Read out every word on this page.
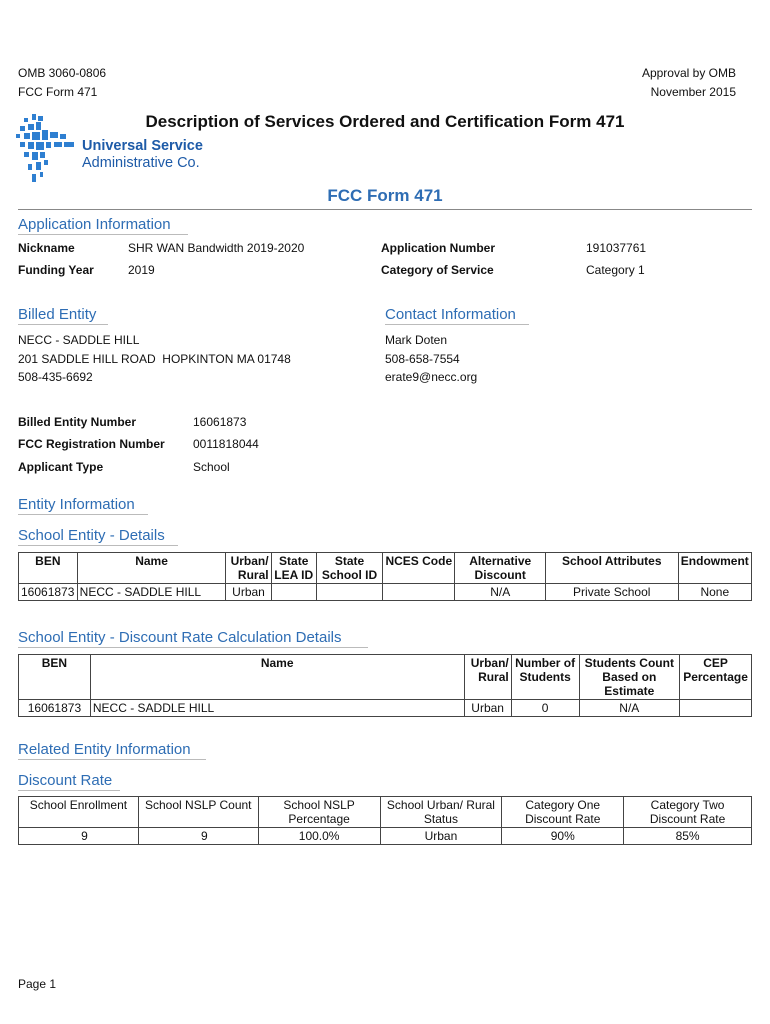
OMB 3060-0806
FCC Form 471
Approval by OMB
November 2015
Description of Services Ordered and Certification Form 471
Universal Service
Administrative Co.
FCC Form 471
Application Information
Nickname	SHR WAN Bandwidth 2019-2020	Application Number	191037761
Funding Year	2019	Category of Service	Category 1
Billed Entity
NECC - SADDLE HILL
201 SADDLE HILL ROAD  HOPKINTON MA 01748
508-435-6692
Contact Information
Mark Doten
508-658-7554
erate9@necc.org
Billed Entity Number	16061873
FCC Registration Number 0011818044
Applicant Type	School
Entity Information
School Entity - Details
BEN	Name	Urban/ Rural	State LEA ID	State School ID	NCES Code	Alternative Discount	School Attributes	Endowment
16061873	NECC - SADDLE HILL	Urban				N/A	Private School	None
School Entity - Discount Rate Calculation Details
BEN	Name	Urban/ Rural	Number of Students	Students Count Based on Estimate	CEP Percentage
16061873	NECC - SADDLE HILL	Urban	0	N/A	
Related Entity Information
Discount Rate
School Enrollment	School NSLP Count	School NSLP Percentage	School Urban/ Rural Status	Category One Discount Rate	Category Two Discount Rate
9	9	100.0%	Urban	90%	85%
Page 1
